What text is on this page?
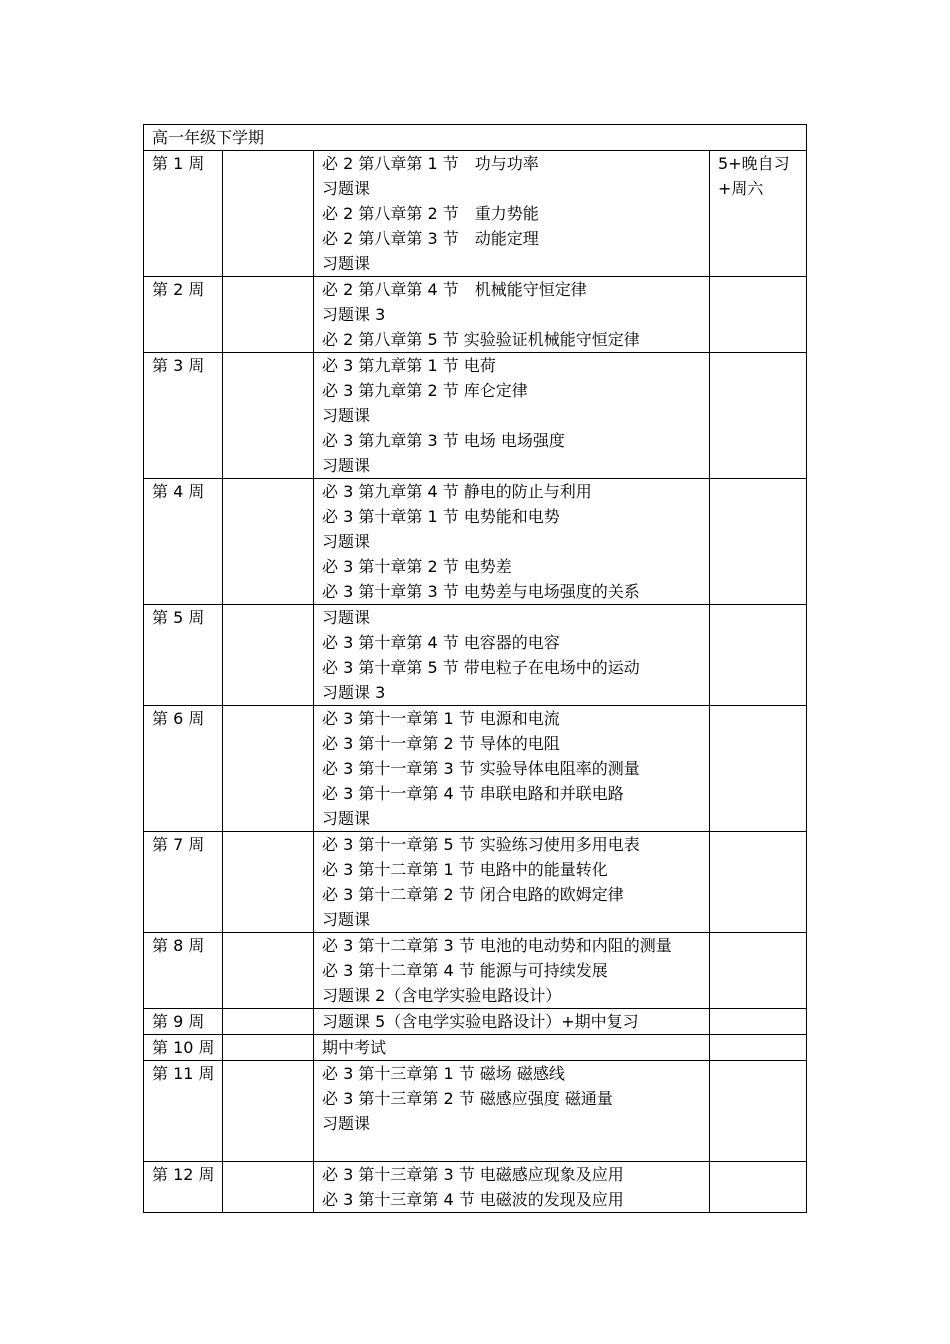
高一年级下学期			
第 1 周		必 2 第八章第 1 节　功与功率
习题课
必 2 第八章第 2 节　重力势能
必 2 第八章第 3 节　动能定理
习题课	5+晚自习
+周六

第 2 周		必 2 第八章第 4 节　机械能守恒定律
习题课 3
必 2 第八章第 5 节 实验验证机械能守恒定律	

第 3 周		必 3 第九章第 1 节 电荷
必 3 第九章第 2 节 库仑定律
习题课
必 3 第九章第 3 节 电场 电场强度
习题课	

第 4 周		必 3 第九章第 4 节 静电的防止与利用
必 3 第十章第 1 节 电势能和电势
习题课
必 3 第十章第 2 节 电势差
必 3 第十章第 3 节 电势差与电场强度的关系	

第 5 周		习题课
必 3 第十章第 4 节 电容器的电容
必 3 第十章第 5 节 带电粒子在电场中的运动
习题课 3	

第 6 周		必 3 第十一章第 1 节 电源和电流
必 3 第十一章第 2 节 导体的电阻
必 3 第十一章第 3 节 实验导体电阻率的测量
必 3 第十一章第 4 节 串联电路和并联电路
习题课	

第 7 周		必 3 第十一章第 5 节 实验练习使用多用电表
必 3 第十二章第 1 节 电路中的能量转化
必 3 第十二章第 2 节 闭合电路的欧姆定律
习题课	

第 8 周		必 3 第十二章第 3 节 电池的电动势和内阻的测量
必 3 第十二章第 4 节 能源与可持续发展
习题课 2（含电学实验电路设计）	

第 9 周		习题课 5（含电学实验电路设计）+期中复习	

第 10 周		期中考试	

第 11 周		必 3 第十三章第 1 节 磁场 磁感线
必 3 第十三章第 2 节 磁感应强度 磁通量
习题课	

第 12 周		必 3 第十三章第 3 节 电磁感应现象及应用
必 3 第十三章第 4 节 电磁波的发现及应用	
